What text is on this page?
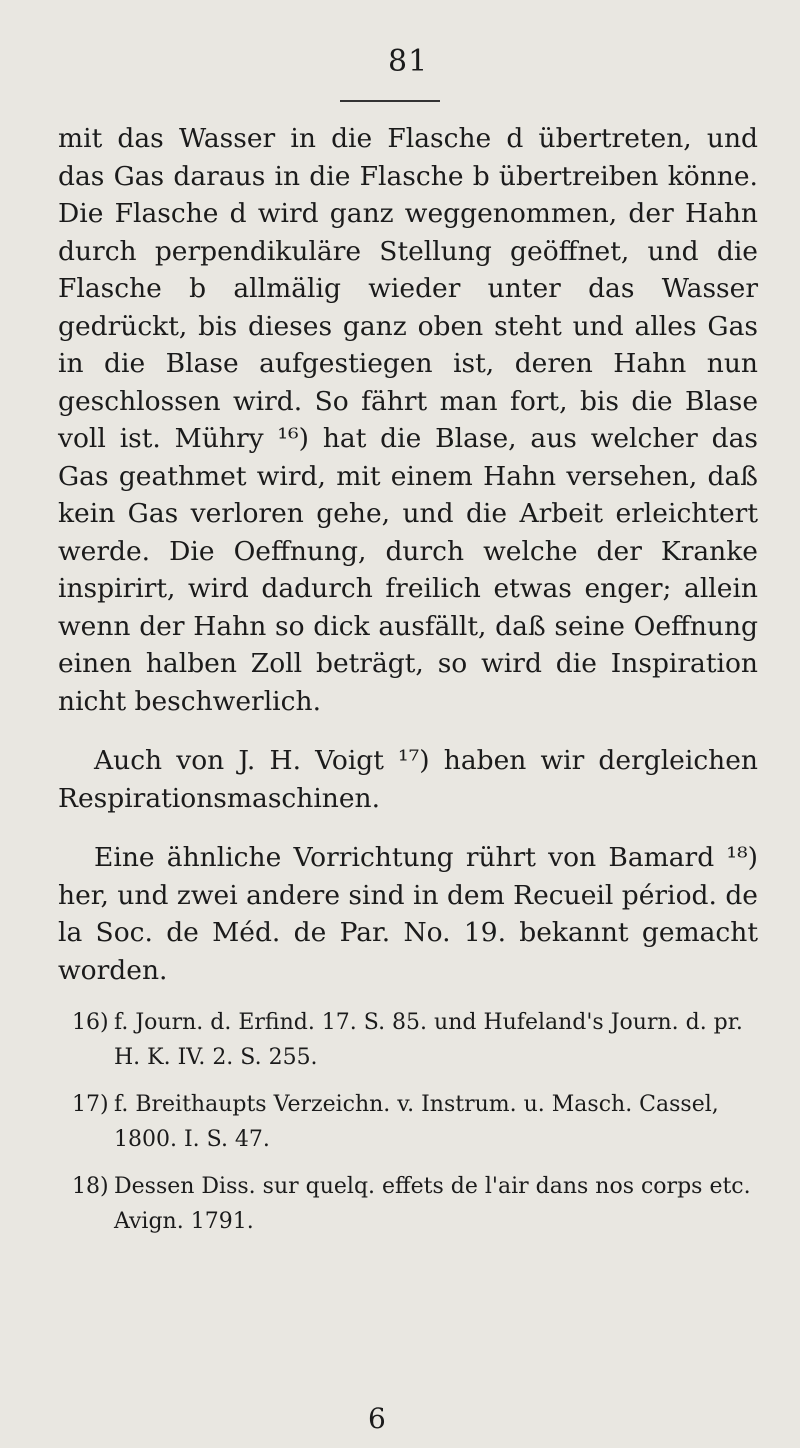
81

mit das Wasser in die Flasche d übertreten, und das Gas daraus in die Flasche b übertreiben könne. Die Flasche d wird ganz weggenommen, der Hahn durch perpendikuläre Stellung geöffnet, und die Flasche b allmälig wieder unter das Wasser gedrückt, bis dieses ganz oben steht und alles Gas in die Blase aufgestiegen ist, deren Hahn nun geschlossen wird. So fährt man fort, bis die Blase voll ist. Mühry ¹⁶) hat die Blase, aus welcher das Gas geathmet wird, mit einem Hahn versehen, daß kein Gas verloren gehe, und die Arbeit erleichtert werde. Die Oeffnung, durch welche der Kranke inspirirt, wird dadurch freilich etwas enger; allein wenn der Hahn so dick ausfällt, daß seine Oeffnung einen halben Zoll beträgt, so wird die Inspiration nicht beschwerlich.

Auch von J. H. Voigt ¹⁷) haben wir dergleichen Respirationsmaschinen.

Eine ähnliche Vorrichtung rührt von Bamard ¹⁸) her, und zwei andere sind in dem Recueil périod. de la Soc. de Méd. de Par. No. 19. bekannt gemacht worden.

16) f. Journ. d. Erfind. 17. S. 85. und Hufeland's Journ. d. pr. H. K. IV. 2. S. 255.
17) f. Breithaupts Verzeichn. v. Instrum. u. Masch. Cassel, 1800. I. S. 47.
18) Dessen Diss. sur quelq. effets de l'air dans nos corps etc. Avign. 1791.
6
